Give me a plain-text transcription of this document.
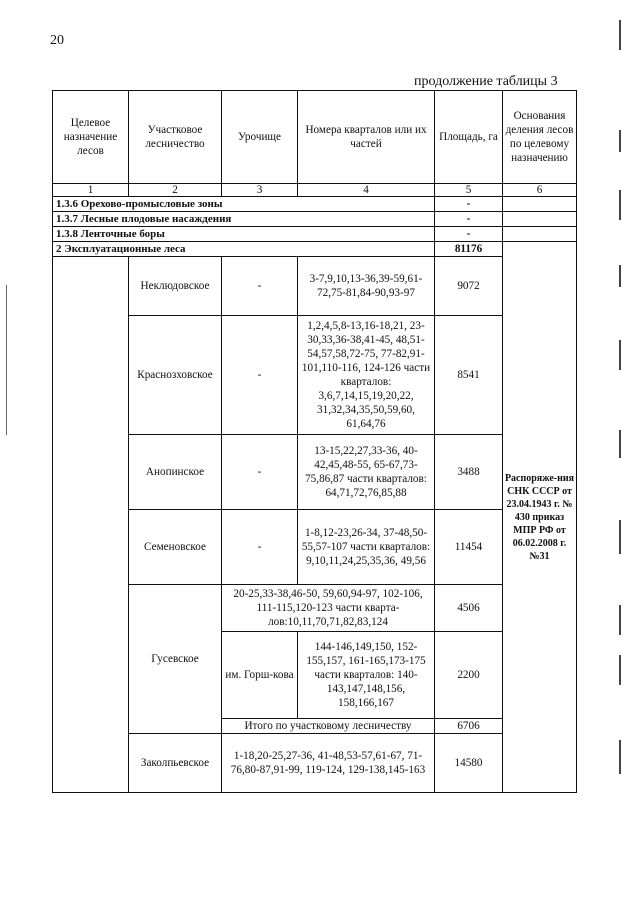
20
продолжение таблицы 3
Целевое назначение лесов	Участковое лесничество	Урочище	Номера кварталов или их частей	Площадь, га	Основания деления лесов по целевому назначению
1	2	3	4	5	6
1.3.6 Орехово-промысловые зоны				-	
1.3.7 Лесные плодовые насаждения				-	
1.3.8 Ленточные боры				-	
2 Эксплуатационные леса				81176	Распоряже-ния СНК СССР от 23.04.1943 г. № 430 приказ МПР РФ от 06.02.2008 г. №31
	Неклюдовское	-	3-7,9,10,13-36,39-59,61-72,75-81,84-90,93-97	9072	
	Краснозховское	-	1,2,4,5,8-13,16-18,21, 23-30,33,36-38,41-45, 48,51-54,57,58,72-75, 77-82,91-101,110-116, 124-126 части кварталов: 3,6,7,14,15,19,20,22, 31,32,34,35,50,59,60, 61,64,76	8541	
	Анопинское	-	13-15,22,27,33-36, 40-42,45,48-55, 65-67,73-75,86,87 части кварталов: 64,71,72,76,85,88	3488	
	Семеновское	-	1-8,12-23,26-34, 37-48,50-55,57-107 части кварталов: 9,10,11,24,25,35,36, 49,56	11454	
	Гусевское	20-25,33-38,46-50, 59,60,94-97, 102-106, 111-115,120-123 части кварта-лов:10,11,70,71,82,83,124		4506	
		им. Горш-кова	144-146,149,150, 152-155,157, 161-165,173-175 части кварталов: 140-143,147,148,156, 158,166,167	2200	
		Итого по участковому лесничеству		6706	
	Заколпьевское	1-18,20-25,27-36, 41-48,53-57,61-67, 71-76,80-87,91-99, 119-124, 129-138,145-163		14580	
